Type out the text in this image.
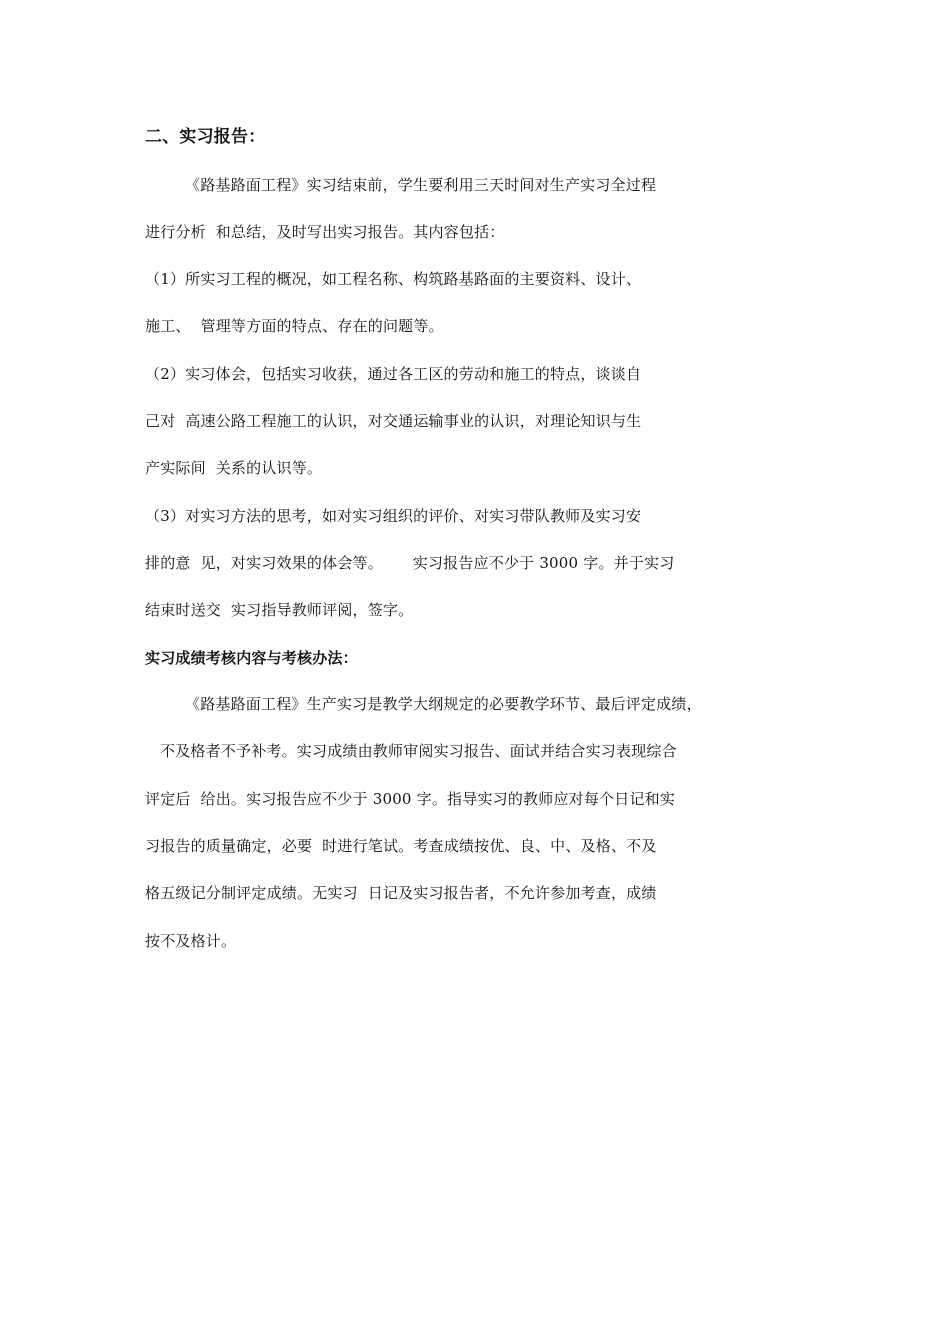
二、实习报告：
《路基路面工程》实习结束前，学生要利用三天时间对生产实习全过程
进行分析  和总结，及时写出实习报告。其内容包括：
（1）所实习工程的概况，如工程名称、构筑路基路面的主要资料、设计、
施工、  管理等方面的特点、存在的问题等。
（2）实习体会，包括实习收获，通过各工区的劳动和施工的特点，谈谈自
己对  高速公路工程施工的认识，对交通运输事业的认识，对理论知识与生
产实际间  关系的认识等。
（3）对实习方法的思考，如对实习组织的评价、对实习带队教师及实习安
排的意  见，对实习效果的体会等。      实习报告应不少于 3000 字。并于实习
结束时送交  实习指导教师评阅，签字。
实习成绩考核内容与考核办法：
《路基路面工程》生产实习是教学大纲规定的必要教学环节、最后评定成绩，
不及格者不予补考。实习成绩由教师审阅实习报告、面试并结合实习表现综合
评定后  给出。实习报告应不少于 3000 字。指导实习的教师应对每个日记和实
习报告的质量确定，必要  时进行笔试。考查成绩按优、良、中、及格、不及
格五级记分制评定成绩。无实习  日记及实习报告者，不允许参加考查，成绩
按不及格计。
